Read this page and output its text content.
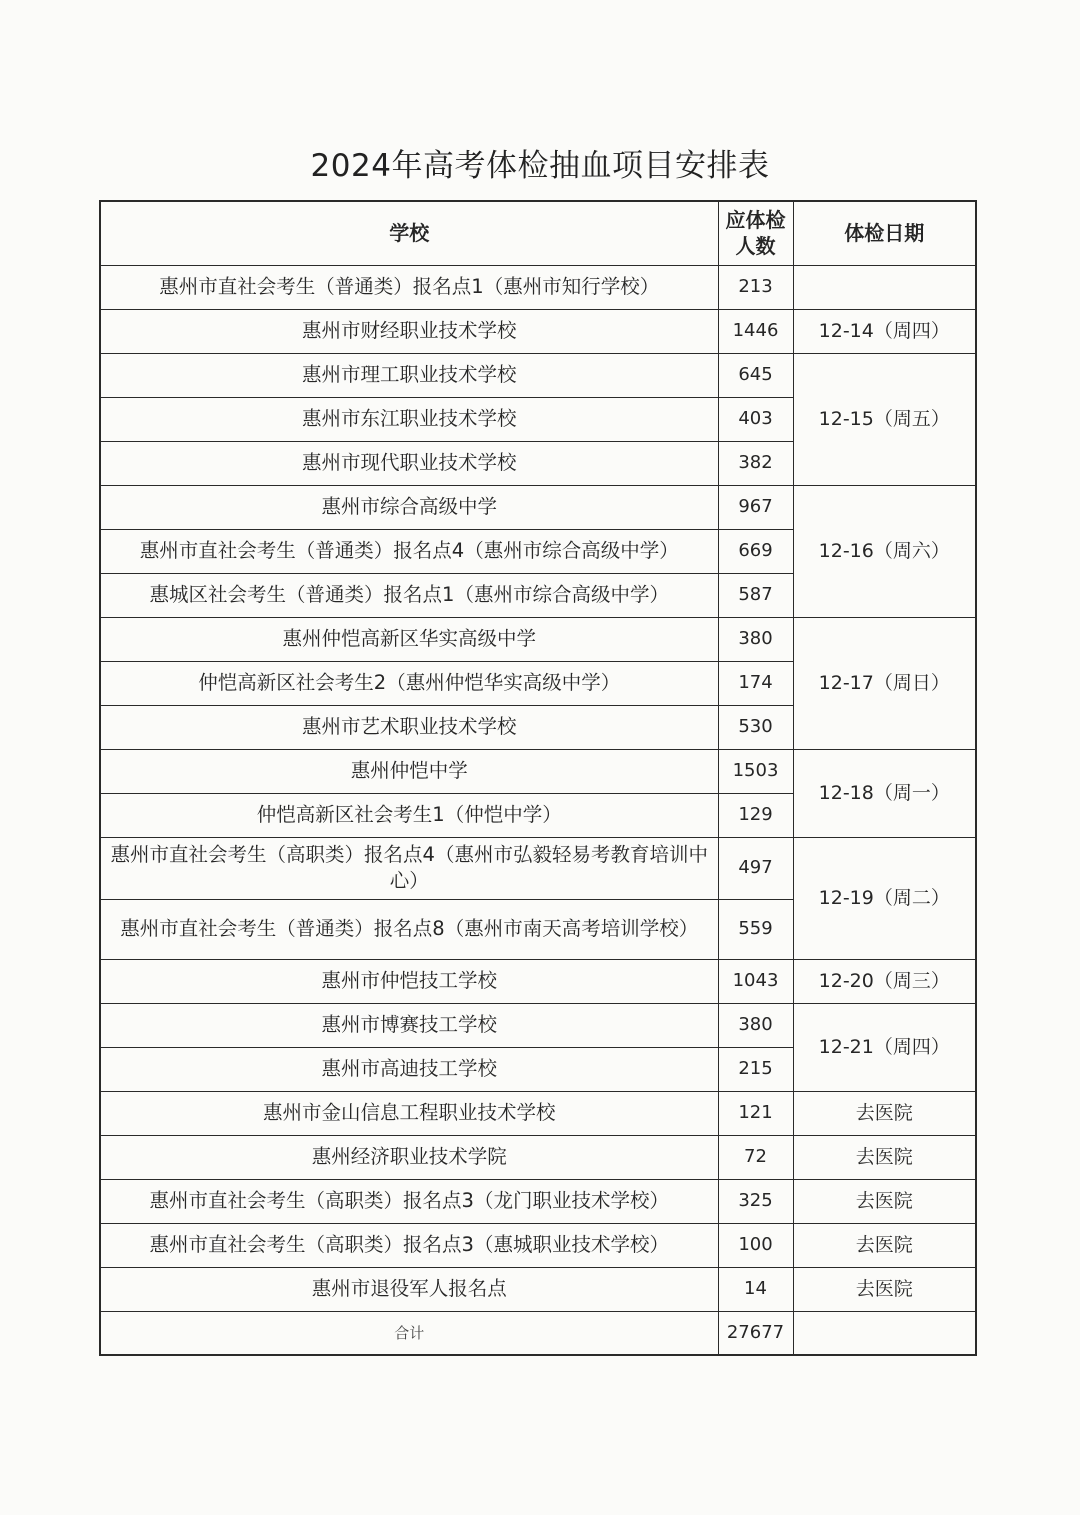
2024年高考体检抽血项目安排表
学校	应体检人数	体检日期
惠州市直社会考生（普通类）报名点1（惠州市知行学校）	213	
惠州市财经职业技术学校	1446	12-14（周四）
惠州市理工职业技术学校	645	12-15（周五）
惠州市东江职业技术学校	403	
惠州市现代职业技术学校	382	
惠州市综合高级中学	967	12-16（周六）
惠州市直社会考生（普通类）报名点4（惠州市综合高级中学）	669	
惠城区社会考生（普通类）报名点1（惠州市综合高级中学）	587	
惠州仲恺高新区华实高级中学	380	12-17（周日）
仲恺高新区社会考生2（惠州仲恺华实高级中学）	174	
惠州市艺术职业技术学校	530	
惠州仲恺中学	1503	12-18（周一）
仲恺高新区社会考生1（仲恺中学）	129	
惠州市直社会考生（高职类）报名点4（惠州市弘毅轻易考教育培训中心）	497	12-19（周二）
惠州市直社会考生（普通类）报名点8（惠州市南天高考培训学校）	559	
惠州市仲恺技工学校	1043	12-20（周三）
惠州市博赛技工学校	380	12-21（周四）
惠州市高迪技工学校	215	
惠州市金山信息工程职业技术学校	121	去医院
惠州经济职业技术学院	72	去医院
惠州市直社会考生（高职类）报名点3（龙门职业技术学校）	325	去医院
惠州市直社会考生（高职类）报名点3（惠城职业技术学校）	100	去医院
惠州市退役军人报名点	14	去医院
合计	27677	
